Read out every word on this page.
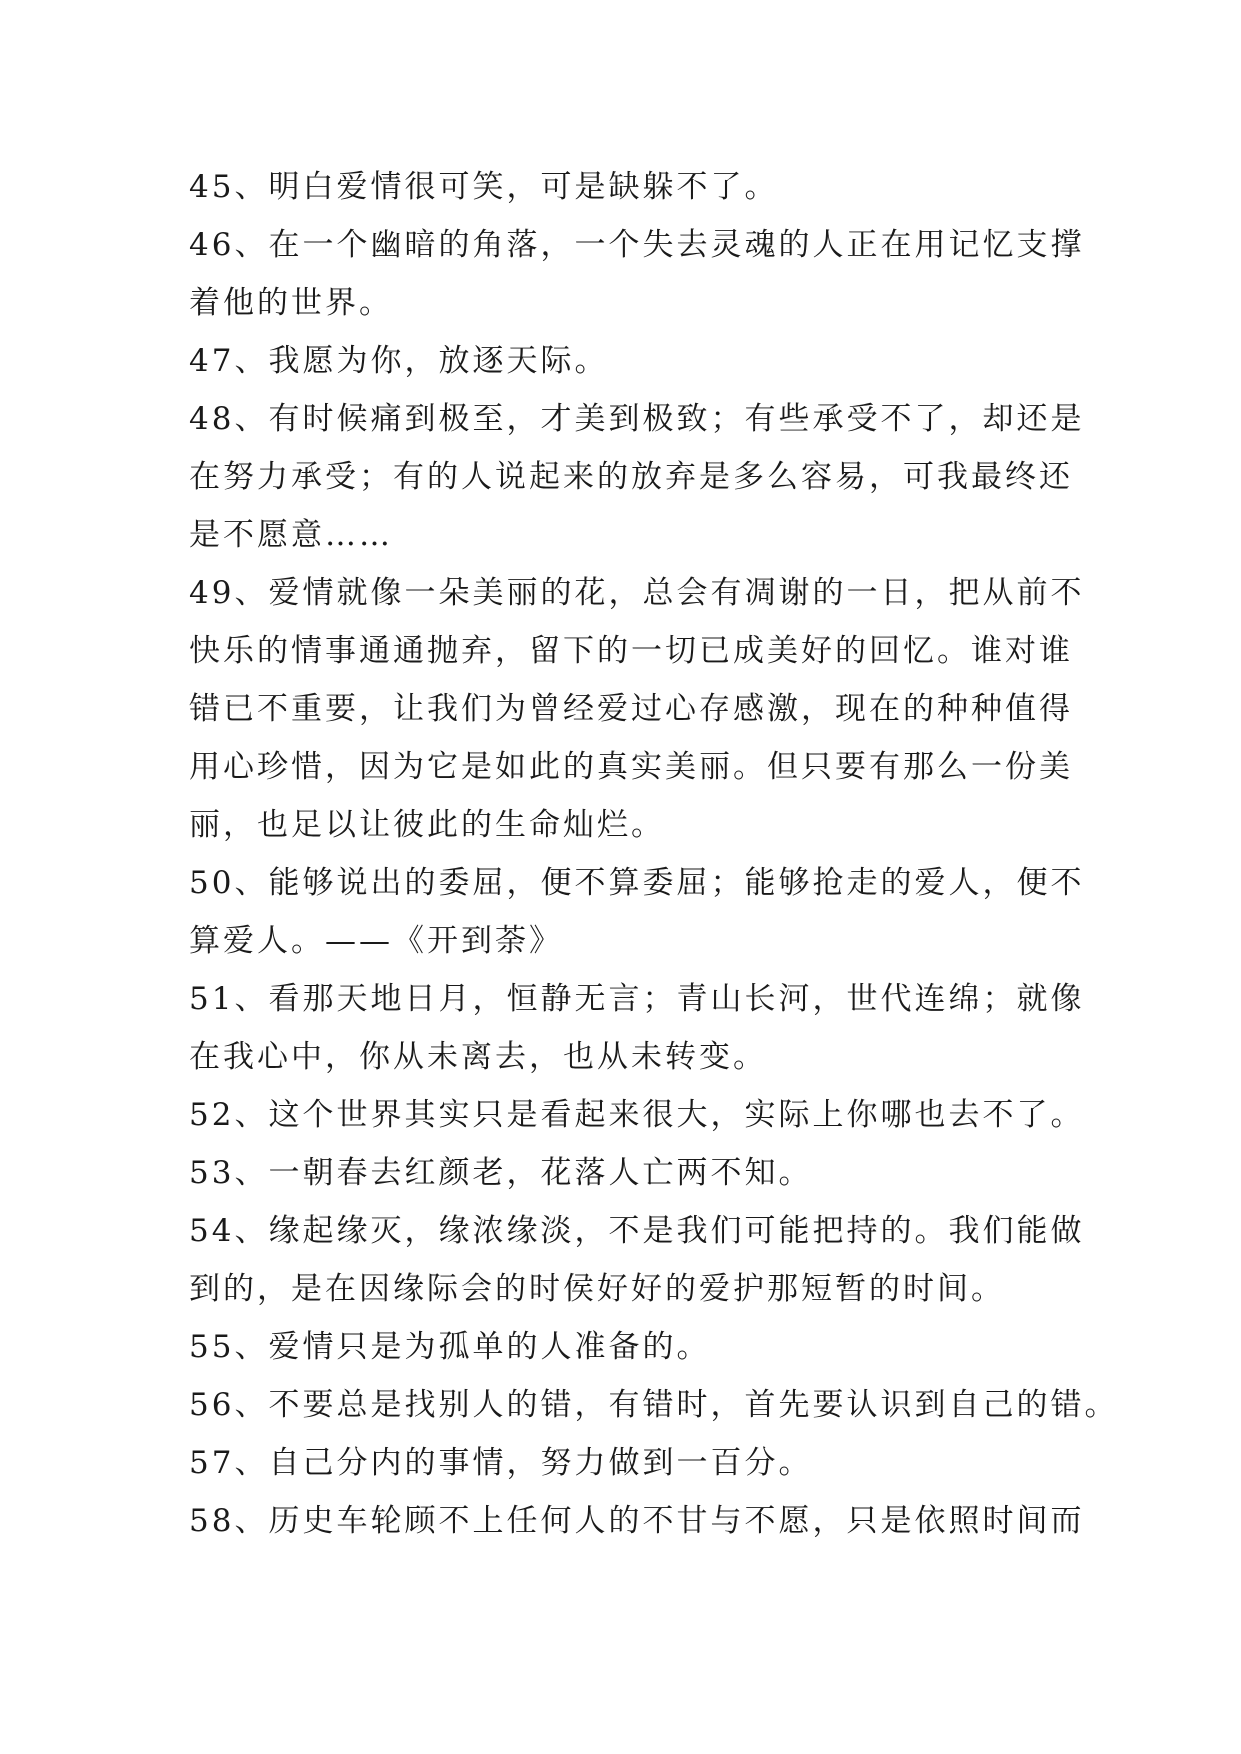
45、明白爱情很可笑，可是缺躲不了。
46、在一个幽暗的角落，一个失去灵魂的人正在用记忆支撑
着他的世界。
47、我愿为你，放逐天际。
48、有时候痛到极至，才美到极致；有些承受不了，却还是
在努力承受；有的人说起来的放弃是多么容易，可我最终还
是不愿意……
49、爱情就像一朵美丽的花，总会有凋谢的一日，把从前不
快乐的情事通通抛弃，留下的一切已成美好的回忆。谁对谁
错已不重要，让我们为曾经爱过心存感激，现在的种种值得
用心珍惜，因为它是如此的真实美丽。但只要有那么一份美
丽，也足以让彼此的生命灿烂。
50、能够说出的委屈，便不算委屈；能够抢走的爱人，便不
算爱人。——《开到荼》
51、看那天地日月，恒静无言；青山长河，世代连绵；就像
在我心中，你从未离去，也从未转变。
52、这个世界其实只是看起来很大，实际上你哪也去不了。
53、一朝春去红颜老，花落人亡两不知。
54、缘起缘灭，缘浓缘淡，不是我们可能把持的。我们能做
到的，是在因缘际会的时侯好好的爱护那短暂的时间。
55、爱情只是为孤单的人准备的。
56、不要总是找别人的错，有错时，首先要认识到自己的错。
57、自己分内的事情，努力做到一百分。
58、历史车轮顾不上任何人的不甘与不愿，只是依照时间而
